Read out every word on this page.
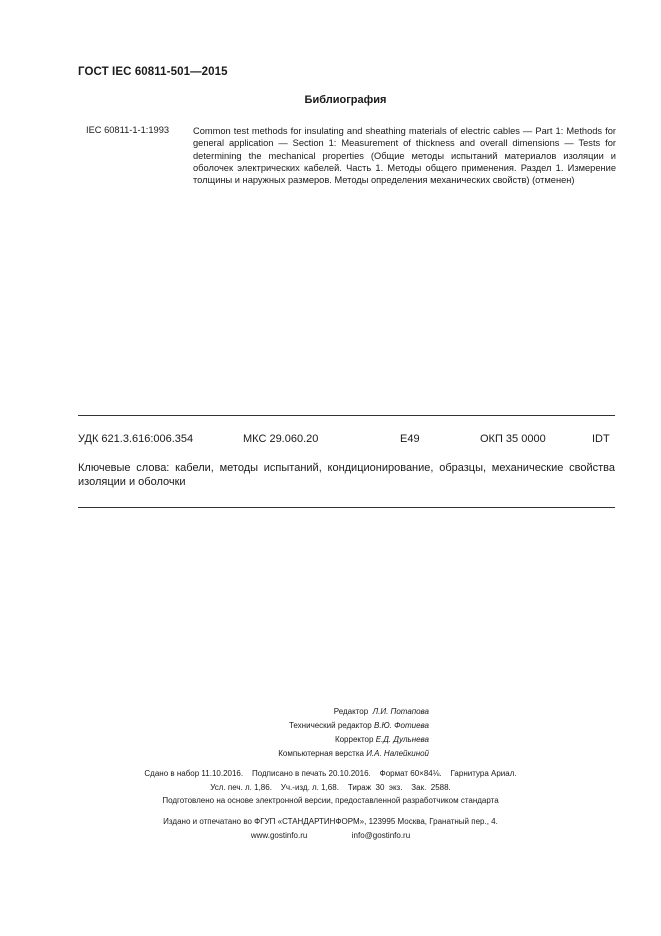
ГОСТ IEC 60811-501—2015
Библиография
IEC 60811-1-1:1993	Common test methods for insulating and sheathing materials of electric cables — Part 1: Methods for general application — Section 1: Measurement of thickness and overall dimensions — Tests for determining the mechanical properties (Общие методы испытаний материалов изоляции и оболочек электрических кабелей. Часть 1. Методы общего применения. Раздел 1. Измерение толщины и наружных размеров. Методы определения механических свойств) (отменен)
УДК 621.3.616:006.354	МКС 29.060.20	Е49	ОКП 35 0000	IDT
Ключевые слова: кабели, методы испытаний, кондиционирование, образцы, механические свойства изоляции и оболочки
Редактор Л.И. Потапова
Технический редактор В.Ю. Фотиева
Корректор Е.Д. Дульнева
Компьютерная верстка И.А. Налейкиной
Сдано в набор 11.10.2016.    Подписано в печать 20.10.2016.    Формат 60×84⅛.    Гарнитура Ариал.
Усл. печ. л. 1,86.    Уч.-изд. л. 1,68.    Тираж  30  экз.    Зак.  2588.
Подготовлено на основе электронной версии, предоставленной разработчиком стандарта
Издано и отпечатано во ФГУП «СТАНДАРТИНФОРМ», 123995 Москва, Гранатный пер., 4.
www.gostinfo.ru	info@gostinfo.ru
